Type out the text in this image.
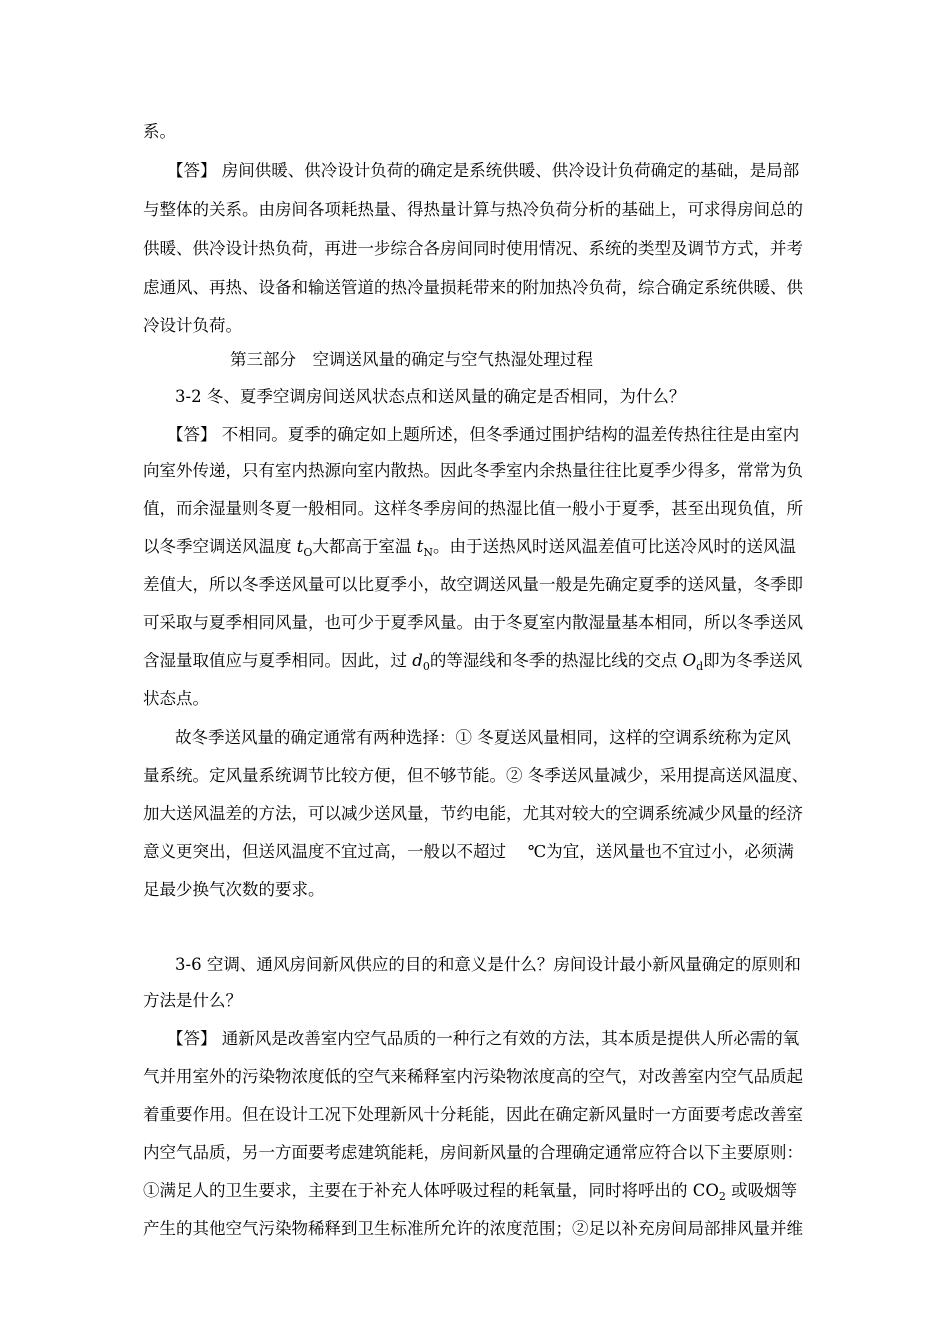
系。
【答】 房间供暖、供冷设计负荷的确定是系统供暖、供冷设计负荷确定的基础，是局部
与整体的关系。由房间各项耗热量、得热量计算与热冷负荷分析的基础上，可求得房间总的
供暖、供冷设计热负荷，再进一步综合各房间同时使用情况、系统的类型及调节方式，并考
虑通风、再热、设备和输送管道的热冷量损耗带来的附加热冷负荷，综合确定系统供暖、供
冷设计负荷。
第三部分　空调送风量的确定与空气热湿处理过程
3-2 冬、夏季空调房间送风状态点和送风量的确定是否相同，为什么？
【答】 不相同。夏季的确定如上题所述，但冬季通过围护结构的温差传热往往是由室内
向室外传递，只有室内热源向室内散热。因此冬季室内余热量往往比夏季少得多，常常为负
值，而余湿量则冬夏一般相同。这样冬季房间的热湿比值一般小于夏季，甚至出现负值，所
以冬季空调送风温度 $t_O$大都高于室温 $t_N$。由于送热风时送风温差值可比送冷风时的送风温
差值大，所以冬季送风量可以比夏季小，故空调送风量一般是先确定夏季的送风量，冬季即
可采取与夏季相同风量，也可少于夏季风量。由于冬夏室内散湿量基本相同，所以冬季送风
含湿量取值应与夏季相同。因此，过 $d_0$的等湿线和冬季的热湿比线的交点 $O_d$即为冬季送风
状态点。
故冬季送风量的确定通常有两种选择：① 冬夏送风量相同，这样的空调系统称为定风
量系统。定风量系统调节比较方便，但不够节能。② 冬季送风量减少，采用提高送风温度、
加大送风温差的方法，可以减少送风量，节约电能，尤其对较大的空调系统减少风量的经济
意义更突出，但送风温度不宜过高，一般以不超过　 ℃为宜，送风量也不宜过小，必须满
足最少换气次数的要求。
3-6 空调、通风房间新风供应的目的和意义是什么？房间设计最小新风量确定的原则和
方法是什么？
【答】 通新风是改善室内空气品质的一种行之有效的方法，其本质是提供人所必需的氧
气并用室外的污染物浓度低的空气来稀释室内污染物浓度高的空气，对改善室内空气品质起
着重要作用。但在设计工况下处理新风十分耗能，因此在确定新风量时一方面要考虑改善室
内空气品质，另一方面要考虑建筑能耗，房间新风量的合理确定通常应符合以下主要原则：
①满足人的卫生要求，主要在于补充人体呼吸过程的耗氧量，同时将呼出的 $CO_2$ 或吸烟等
产生的其他空气污染物稀释到卫生标准所允许的浓度范围；②足以补充房间局部排风量并维
